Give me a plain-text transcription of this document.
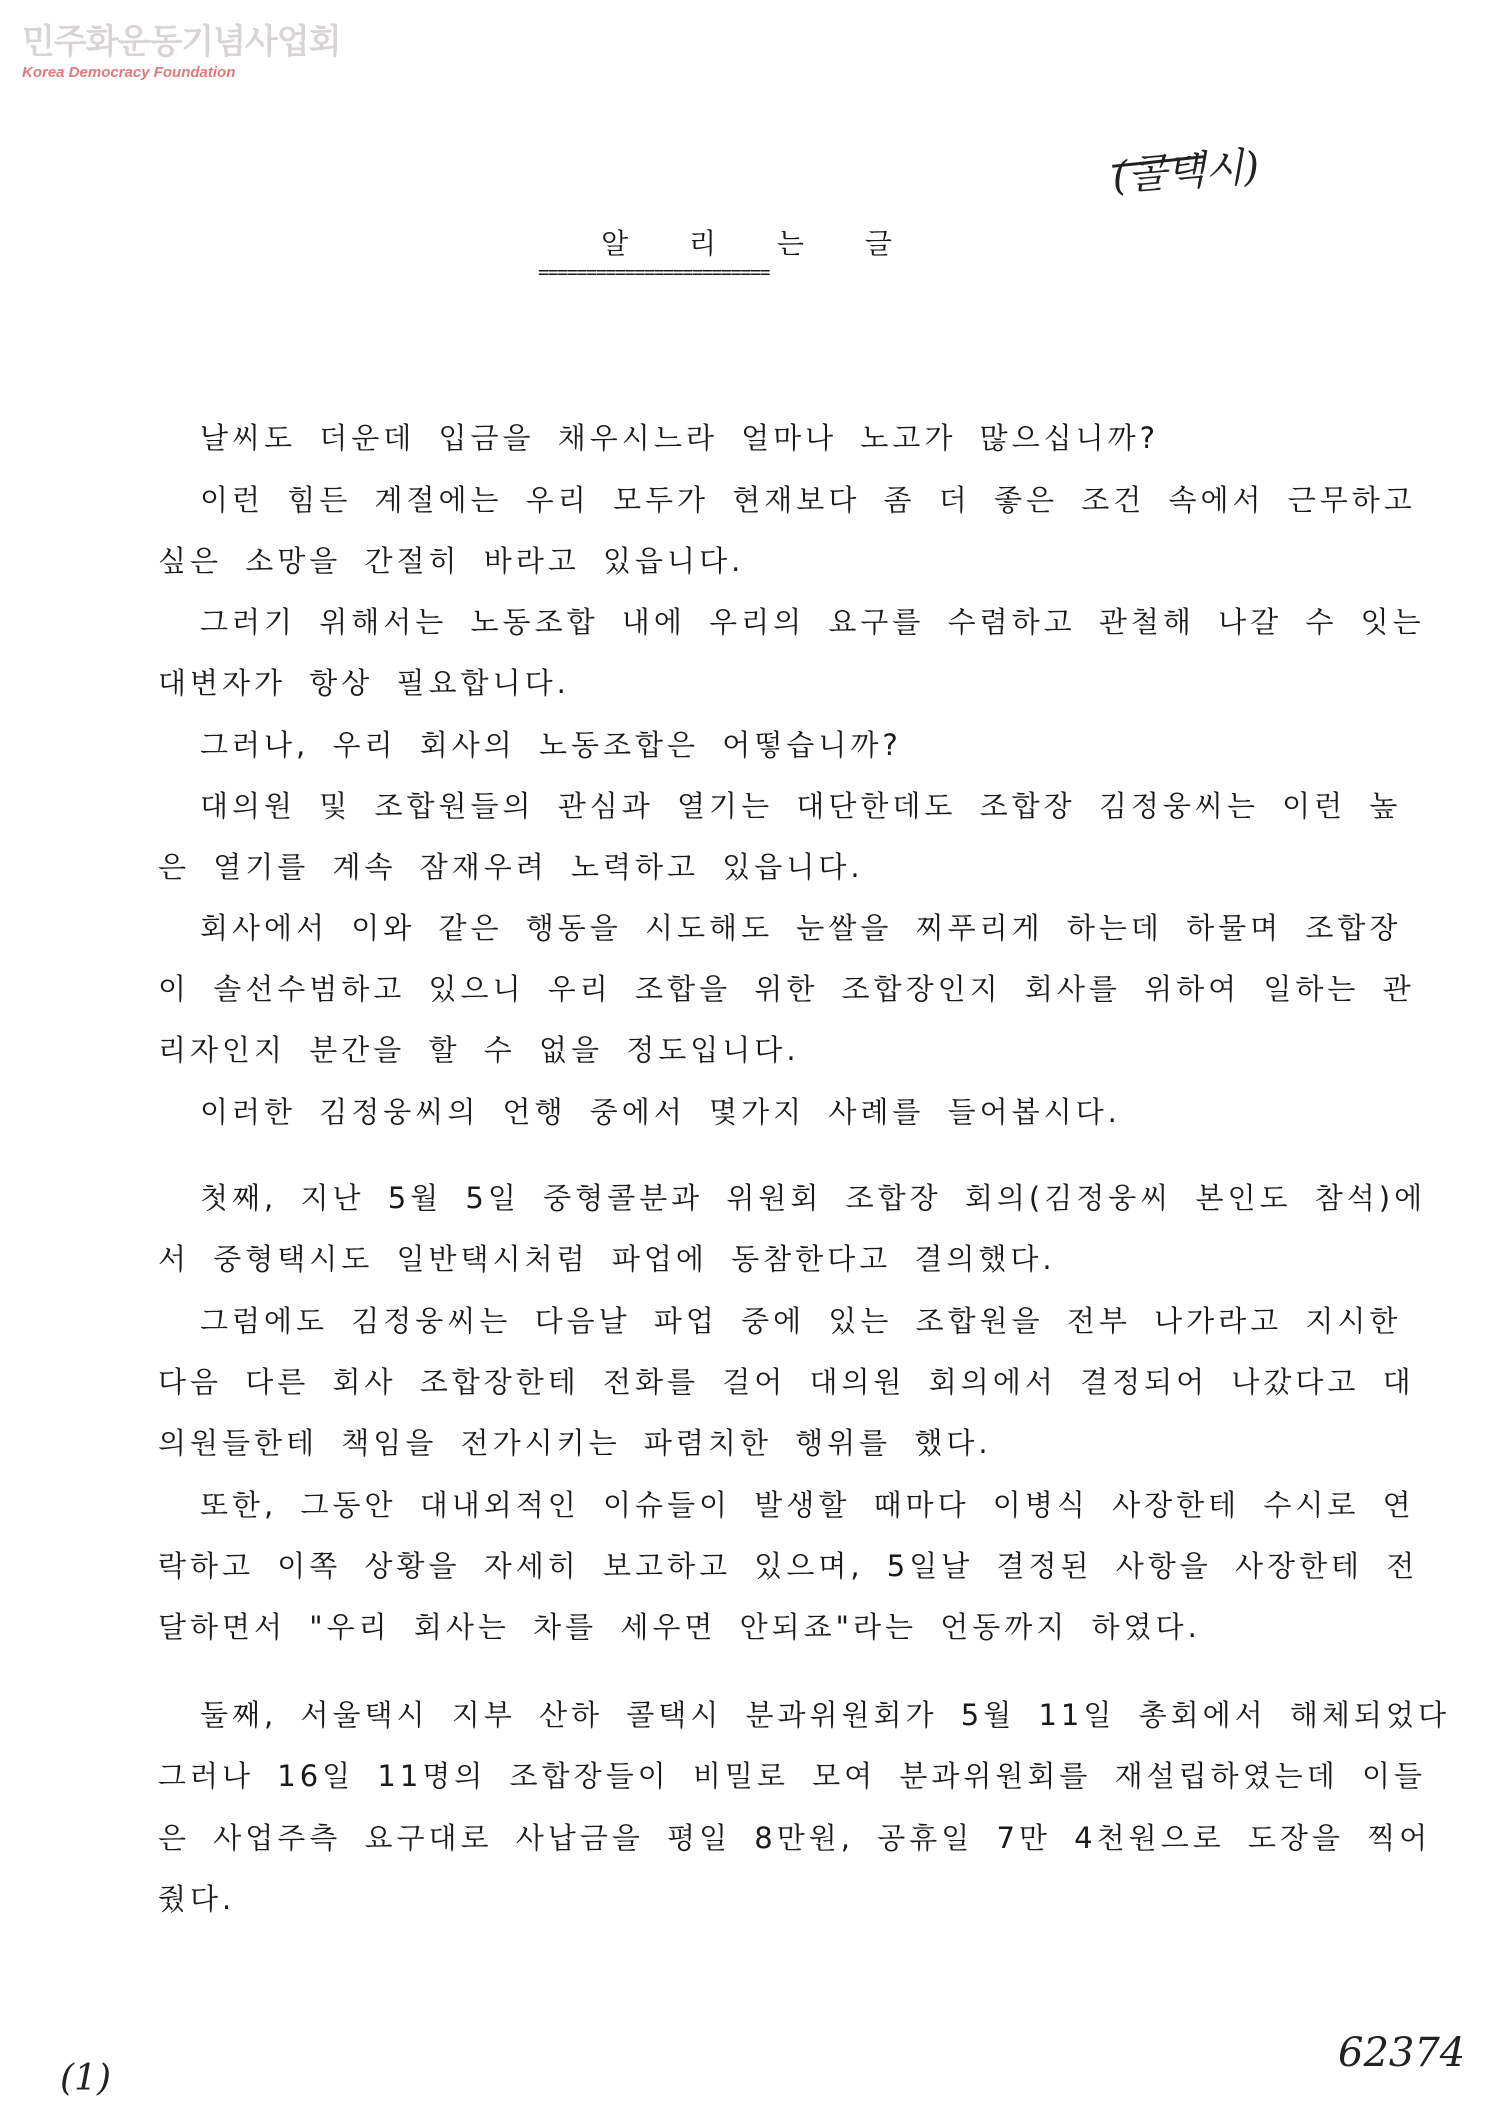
민주화운동기념사업회
Korea Democracy Foundation
(콜택시)
알 리 는 글
========================
날씨도 더운데 입금을 채우시느라 얼마나 노고가 많으십니까?
이런 힘든 계절에는 우리 모두가 현재보다 좀 더 좋은 조건 속에서 근무하고
싶은 소망을 간절히 바라고 있읍니다.
그러기 위해서는 노동조합 내에 우리의 요구를 수렴하고 관철해 나갈 수 잇는
대변자가 항상 필요합니다.
그러나, 우리 회사의 노동조합은 어떻습니까?
대의원 및 조합원들의 관심과 열기는 대단한데도 조합장 김정웅씨는 이런 높
은 열기를 계속 잠재우려 노력하고 있읍니다.
회사에서 이와 같은 행동을 시도해도 눈쌀을 찌푸리게 하는데 하물며 조합장
이 솔선수범하고 있으니 우리 조합을 위한 조합장인지 회사를 위하여 일하는 관
리자인지 분간을 할 수 없을 정도입니다.
이러한 김정웅씨의 언행 중에서 몇가지 사례를 들어봅시다.
첫째, 지난 5월 5일 중형콜분과 위원회 조합장 회의(김정웅씨 본인도 참석)에
서 중형택시도 일반택시처럼 파업에 동참한다고 결의했다.
그럼에도 김정웅씨는 다음날 파업 중에 있는 조합원을 전부 나가라고 지시한
다음 다른 회사 조합장한테 전화를 걸어 대의원 회의에서 결정되어 나갔다고 대
의원들한테 책임을 전가시키는 파렴치한 행위를 했다.
또한, 그동안 대내외적인 이슈들이 발생할 때마다 이병식 사장한테 수시로 연
락하고 이쪽 상황을 자세히 보고하고 있으며, 5일날 결정된 사항을 사장한테 전
달하면서 "우리 회사는 차를 세우면 안되죠"라는 언동까지 하였다.
둘째, 서울택시 지부 산하 콜택시 분과위원회가 5월 11일 총회에서 해체되었다
그러나 16일 11명의 조합장들이 비밀로 모여 분과위원회를 재설립하였는데 이들
은 사업주측 요구대로 사납금을 평일 8만원, 공휴일 7만 4천원으로 도장을 찍어
줬다.
62374
(1)
